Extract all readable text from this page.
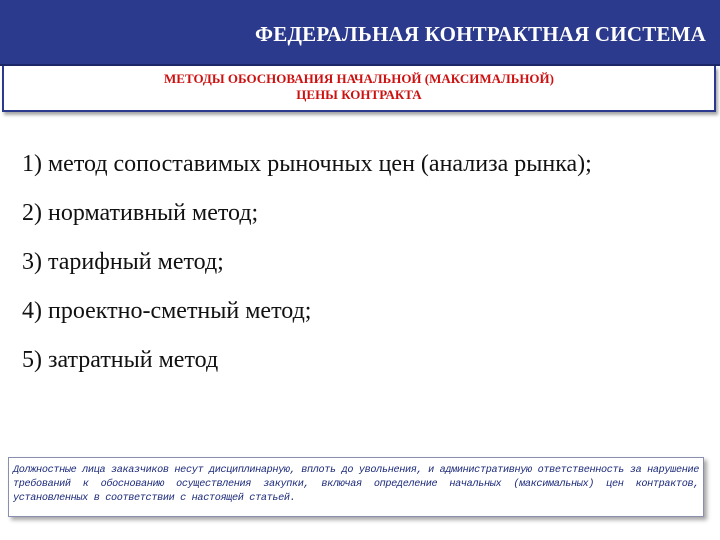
ФЕДЕРАЛЬНАЯ КОНТРАКТНАЯ СИСТЕМА
МЕТОДЫ ОБОСНОВАНИЯ НАЧАЛЬНОЙ (МАКСИМАЛЬНОЙ)
ЦЕНЫ КОНТРАКТА
1) метод сопоставимых рыночных цен (анализа рынка);
2) нормативный метод;
3) тарифный метод;
4) проектно-сметный метод;
5) затратный метод

Должностные лица заказчиков несут дисциплинарную, вплоть до увольнения, и административную ответственность за нарушение требований к обоснованию осуществления закупки, включая определение начальных (максимальных) цен контрактов, установленных в соответствии с настоящей статьей.
